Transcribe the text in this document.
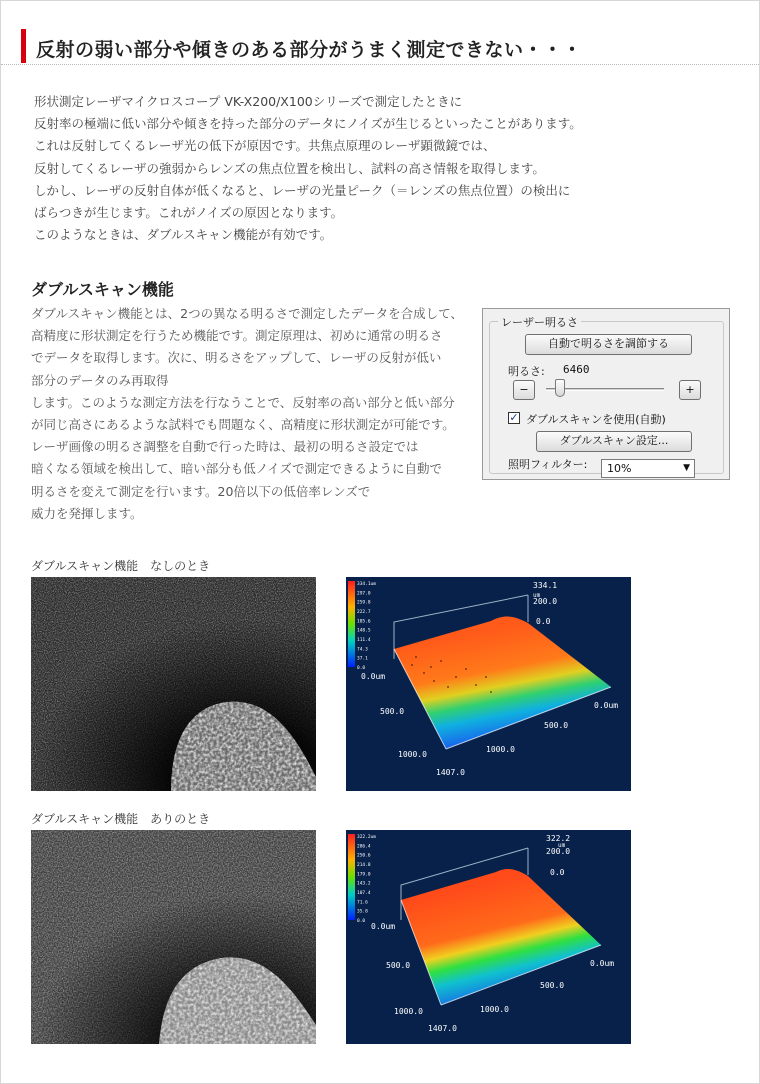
反射の弱い部分や傾きのある部分がうまく測定できない・・・

形状測定レーザマイクロスコープ VK-X200/X100シリーズで測定したときに

反射率の極端に低い部分や傾きを持った部分のデータにノイズが生じるといったことがあります。

これは反射してくるレーザ光の低下が原因です。共焦点原理のレーザ顕微鏡では、

反射してくるレーザの強弱からレンズの焦点位置を検出し、試料の高さ情報を取得します。

しかし、レーザの反射自体が低くなると、レーザの光量ピーク（＝レンズの焦点位置）の検出に

ばらつきが生じます。これがノイズの原因となります。

このようなときは、ダブルスキャン機能が有効です。

ダブルスキャン機能

ダブルスキャン機能とは、2つの異なる明るさで測定したデータを合成して、

高精度に形状測定を行うため機能です。測定原理は、初めに通常の明るさ

でデータを取得します。次に、明るさをアップして、レーザの反射が低い

部分のデータのみ再取得

します。このような測定方法を行なうことで、反射率の高い部分と低い部分

が同じ高さにあるような試料でも問題なく、高精度に形状測定が可能です。

レーザ画像の明るさ調整を自動で行った時は、最初の明るさ設定では

暗くなる領域を検出して、暗い部分も低ノイズで測定できるように自動で

明るさを変えて測定を行います。20倍以下の低倍率レンズで

威力を発揮します。

レーザー明るさ
自動で明るさを調節する
明るさ: 6460
−	+
✓ ダブルスキャンを使用(自動)
ダブルスキャン設定...
照明フィルター:	10%	▼
ダブルスキャン機能　なしのとき
334.1um
297.0
259.8
222.7
185.6
148.5
111.4
74.3
37.1
0.0
334.1
um
200.0
0.0
0.0um
0.0um
500.0
500.0
1000.0
1000.0
1407.0
ダブルスキャン機能　ありのとき
322.2um
286.4
250.6
214.8
179.0
143.2
107.4
71.6
35.8
0.0
322.2
um
200.0
0.0
0.0um
0.0um
500.0
500.0
1000.0	1000.0
1407.0
